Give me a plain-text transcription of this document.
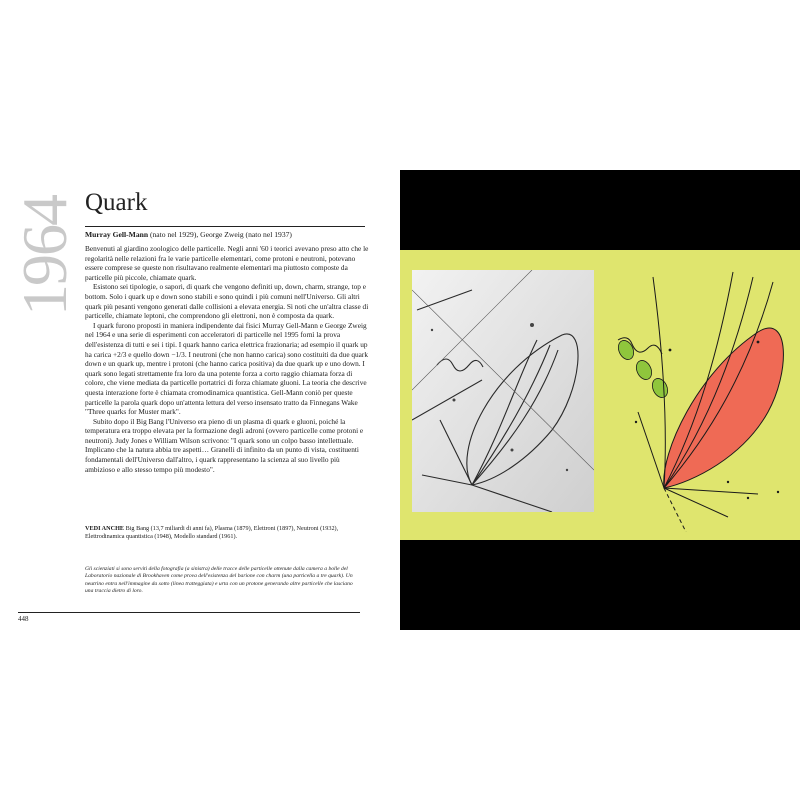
1964 Quark
Murray Gell-Mann (nato nel 1929), George Zweig (nato nel 1937)

Benvenuti al giardino zoologico delle particelle. Negli anni '60 i teorici avevano preso atto che le regolarità nelle relazioni fra le varie particelle elementari, come protoni e neutroni, potevano essere comprese se queste non risultavano realmente elementari ma piuttosto composte da particelle più piccole, chiamate quark.

Esistono sei tipologie, o sapori, di quark che vengono definiti up, down, charm, strange, top e bottom. Solo i quark up e down sono stabili e sono quindi i più comuni nell'Universo. Gli altri quark più pesanti vengono generati dalle collisioni a elevata energia. Si noti che un'altra classe di particelle, chiamate leptoni, che comprendono gli elettroni, non è composta da quark.

I quark furono proposti in maniera indipendente dai fisici Murray Gell-Mann e George Zweig nel 1964 e una serie di esperimenti con acceleratori di particelle nel 1995 fornì la prova dell'esistenza di tutti e sei i tipi. I quark hanno carica elettrica frazionaria; ad esempio il quark up ha carica +2/3 e quello down −1/3. I neutroni (che non hanno carica) sono costituiti da due quark down e un quark up, mentre i protoni (che hanno carica positiva) da due quark up e uno down. I quark sono legati strettamente fra loro da una potente forza a corto raggio chiamata forza di colore, che viene mediata da particelle portatrici di forza chiamate gluoni. La teoria che descrive questa interazione forte è chiamata cromodinamica quantistica. Gell-Mann coniò per queste particelle la parola quark dopo un'attenta lettura del verso insensato tratto da Finnegans Wake "Three quarks for Muster mark".

Subito dopo il Big Bang l'Universo era pieno di un plasma di quark e gluoni, poiché la temperatura era troppo elevata per la formazione degli adroni (ovvero particelle come protoni e neutroni). Judy Jones e William Wilson scrivono: "I quark sono un colpo basso intellettuale. Implicano che la natura abbia tre aspetti… Granelli di infinito da un punto di vista, costituenti fondamentali dell'Universo dall'altro, i quark rappresentano la scienza al suo livello più ambizioso e allo stesso tempo più modesto".

VEDI ANCHE Big Bang (13,7 miliardi di anni fa), Plasma (1879), Elettroni (1897), Neutroni (1932), Elettrodinamica quantistica (1948), Modello standard (1961).
Gli scienziati si sono serviti della fotografia (a sinistra) delle tracce delle particelle ottenute dalla camera a bolle del Laboratorio nazionale di Brookhaven come prova dell'esistenza del barione con charm (una particella a tre quark). Un neutrino entra nell'immagine da sotto (linea tratteggiata) e urta con un protone generando altre particelle che lasciano una traccia dietro di loro.
448
